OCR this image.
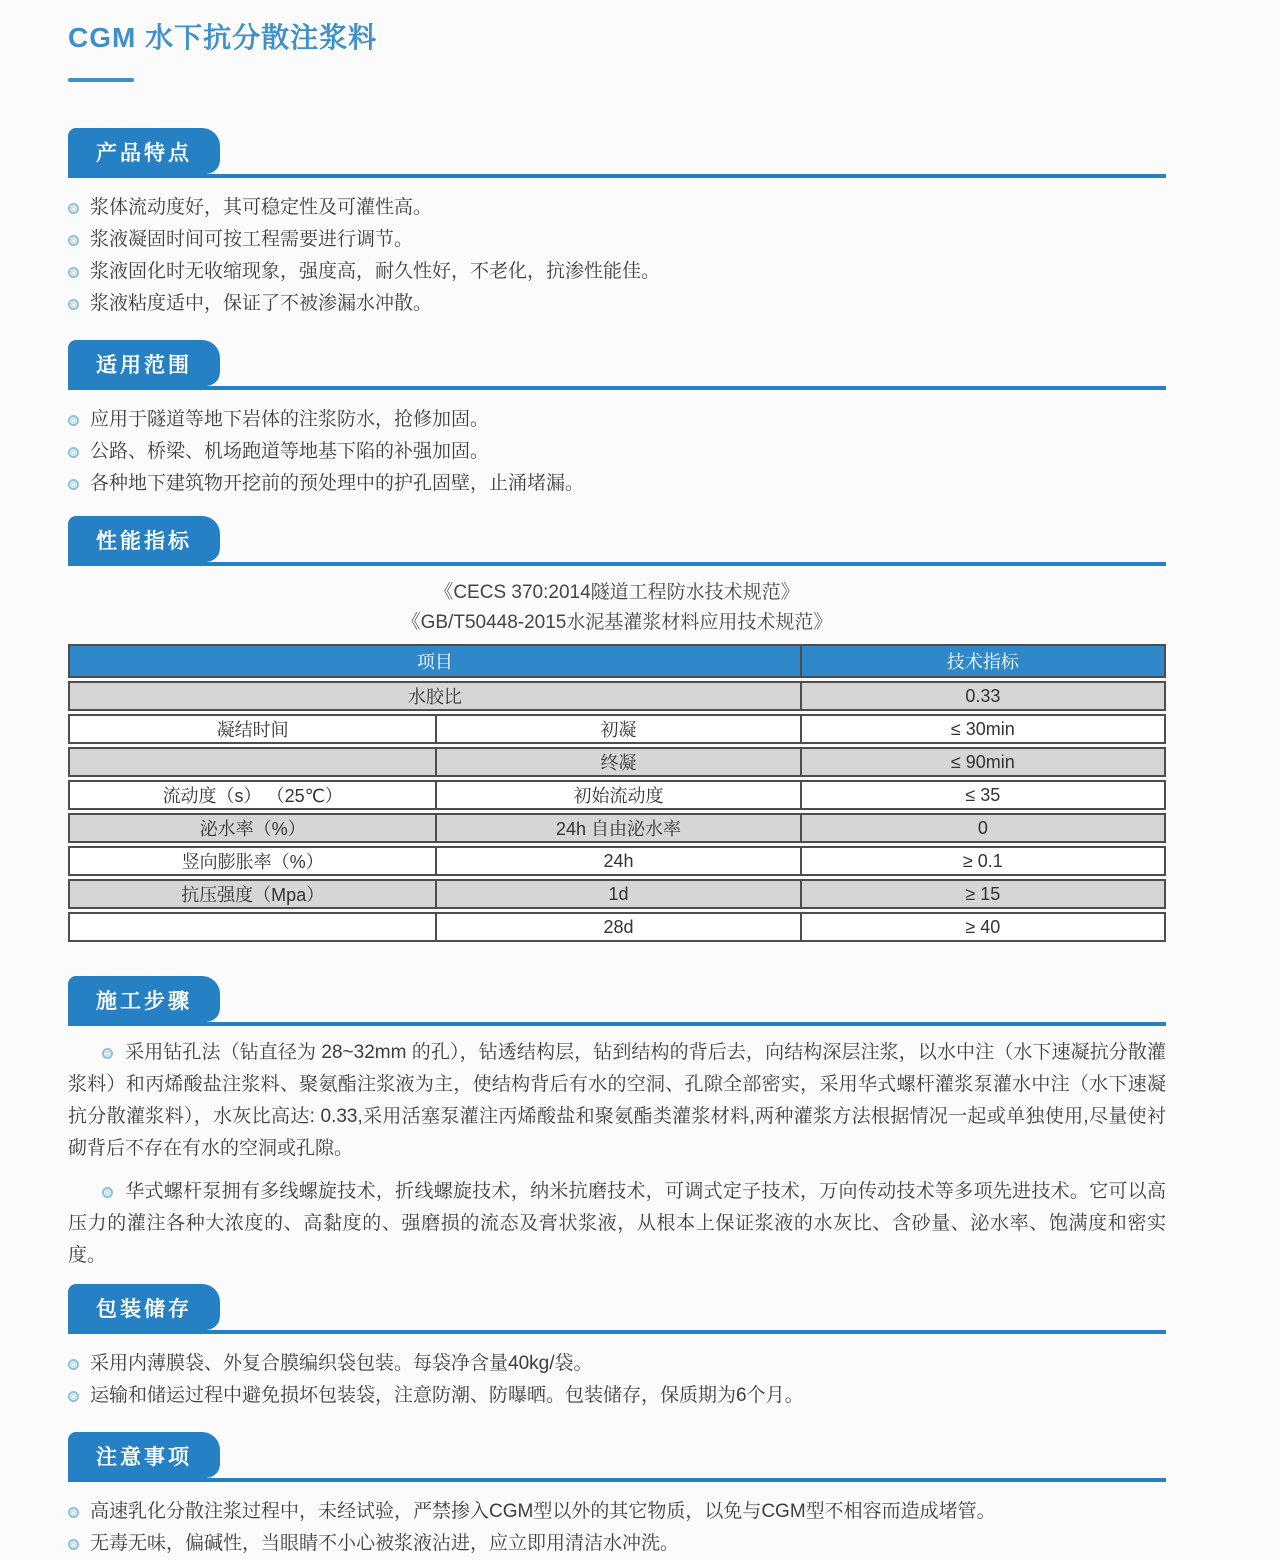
CGM 水下抗分散注浆料
产品特点
浆体流动度好，其可稳定性及可灌性高。
浆液凝固时间可按工程需要进行调节。
浆液固化时无收缩现象，强度高，耐久性好，不老化，抗渗性能佳。
浆液粘度适中，保证了不被渗漏水冲散。
适用范围
应用于隧道等地下岩体的注浆防水，抢修加固。
公路、桥梁、机场跑道等地基下陷的补强加固。
各种地下建筑物开挖前的预处理中的护孔固壁，止涌堵漏。
性能指标
《CECS 370:2014隧道工程防水技术规范》
《GB/T50448-2015水泥基灌浆材料应用技术规范》
项目	技术指标
水胶比	0.33
凝结时间	初凝	≤ 30min
终凝	≤ 90min
流动度（s） （25℃）	初始流动度	≤ 35
泌水率（%）	24h 自由泌水率	0
竖向膨胀率（%）	24h	≥ 0.1
抗压强度（Mpa）	1d	≥ 15
28d	≥ 40
施工步骤

采用钻孔法（钻直径为 28~32mm 的孔），钻透结构层，钻到结构的背后去，向结构深层注浆，以水中注（水下速凝抗分散灌浆料）和丙烯酸盐注浆料、聚氨酯注浆液为主，使结构背后有水的空洞、孔隙全部密实，采用华式螺杆灌浆泵灌水中注（水下速凝抗分散灌浆料），水灰比高达: 0.33,采用活塞泵灌注丙烯酸盐和聚氨酯类灌浆材料,两种灌浆方法根据情况一起或单独使用,尽量使衬砌背后不存在有水的空洞或孔隙。

华式螺杆泵拥有多线螺旋技术，折线螺旋技术，纳米抗磨技术，可调式定子技术，万向传动技术等多项先进技术。它可以高压力的灌注各种大浓度的、高黏度的、强磨损的流态及膏状浆液，从根本上保证浆液的水灰比、含砂量、泌水率、饱满度和密实度。

包装储存
采用内薄膜袋、外复合膜编织袋包装。每袋净含量40kg/袋。
运输和储运过程中避免损坏包装袋，注意防潮、防曝晒。包装储存，保质期为6个月。
注意事项
高速乳化分散注浆过程中，未经试验，严禁掺入CGM型以外的其它物质，以免与CGM型不相容而造成堵管。
无毒无味，偏碱性，当眼睛不小心被浆液沾进，应立即用清洁水冲洗。
